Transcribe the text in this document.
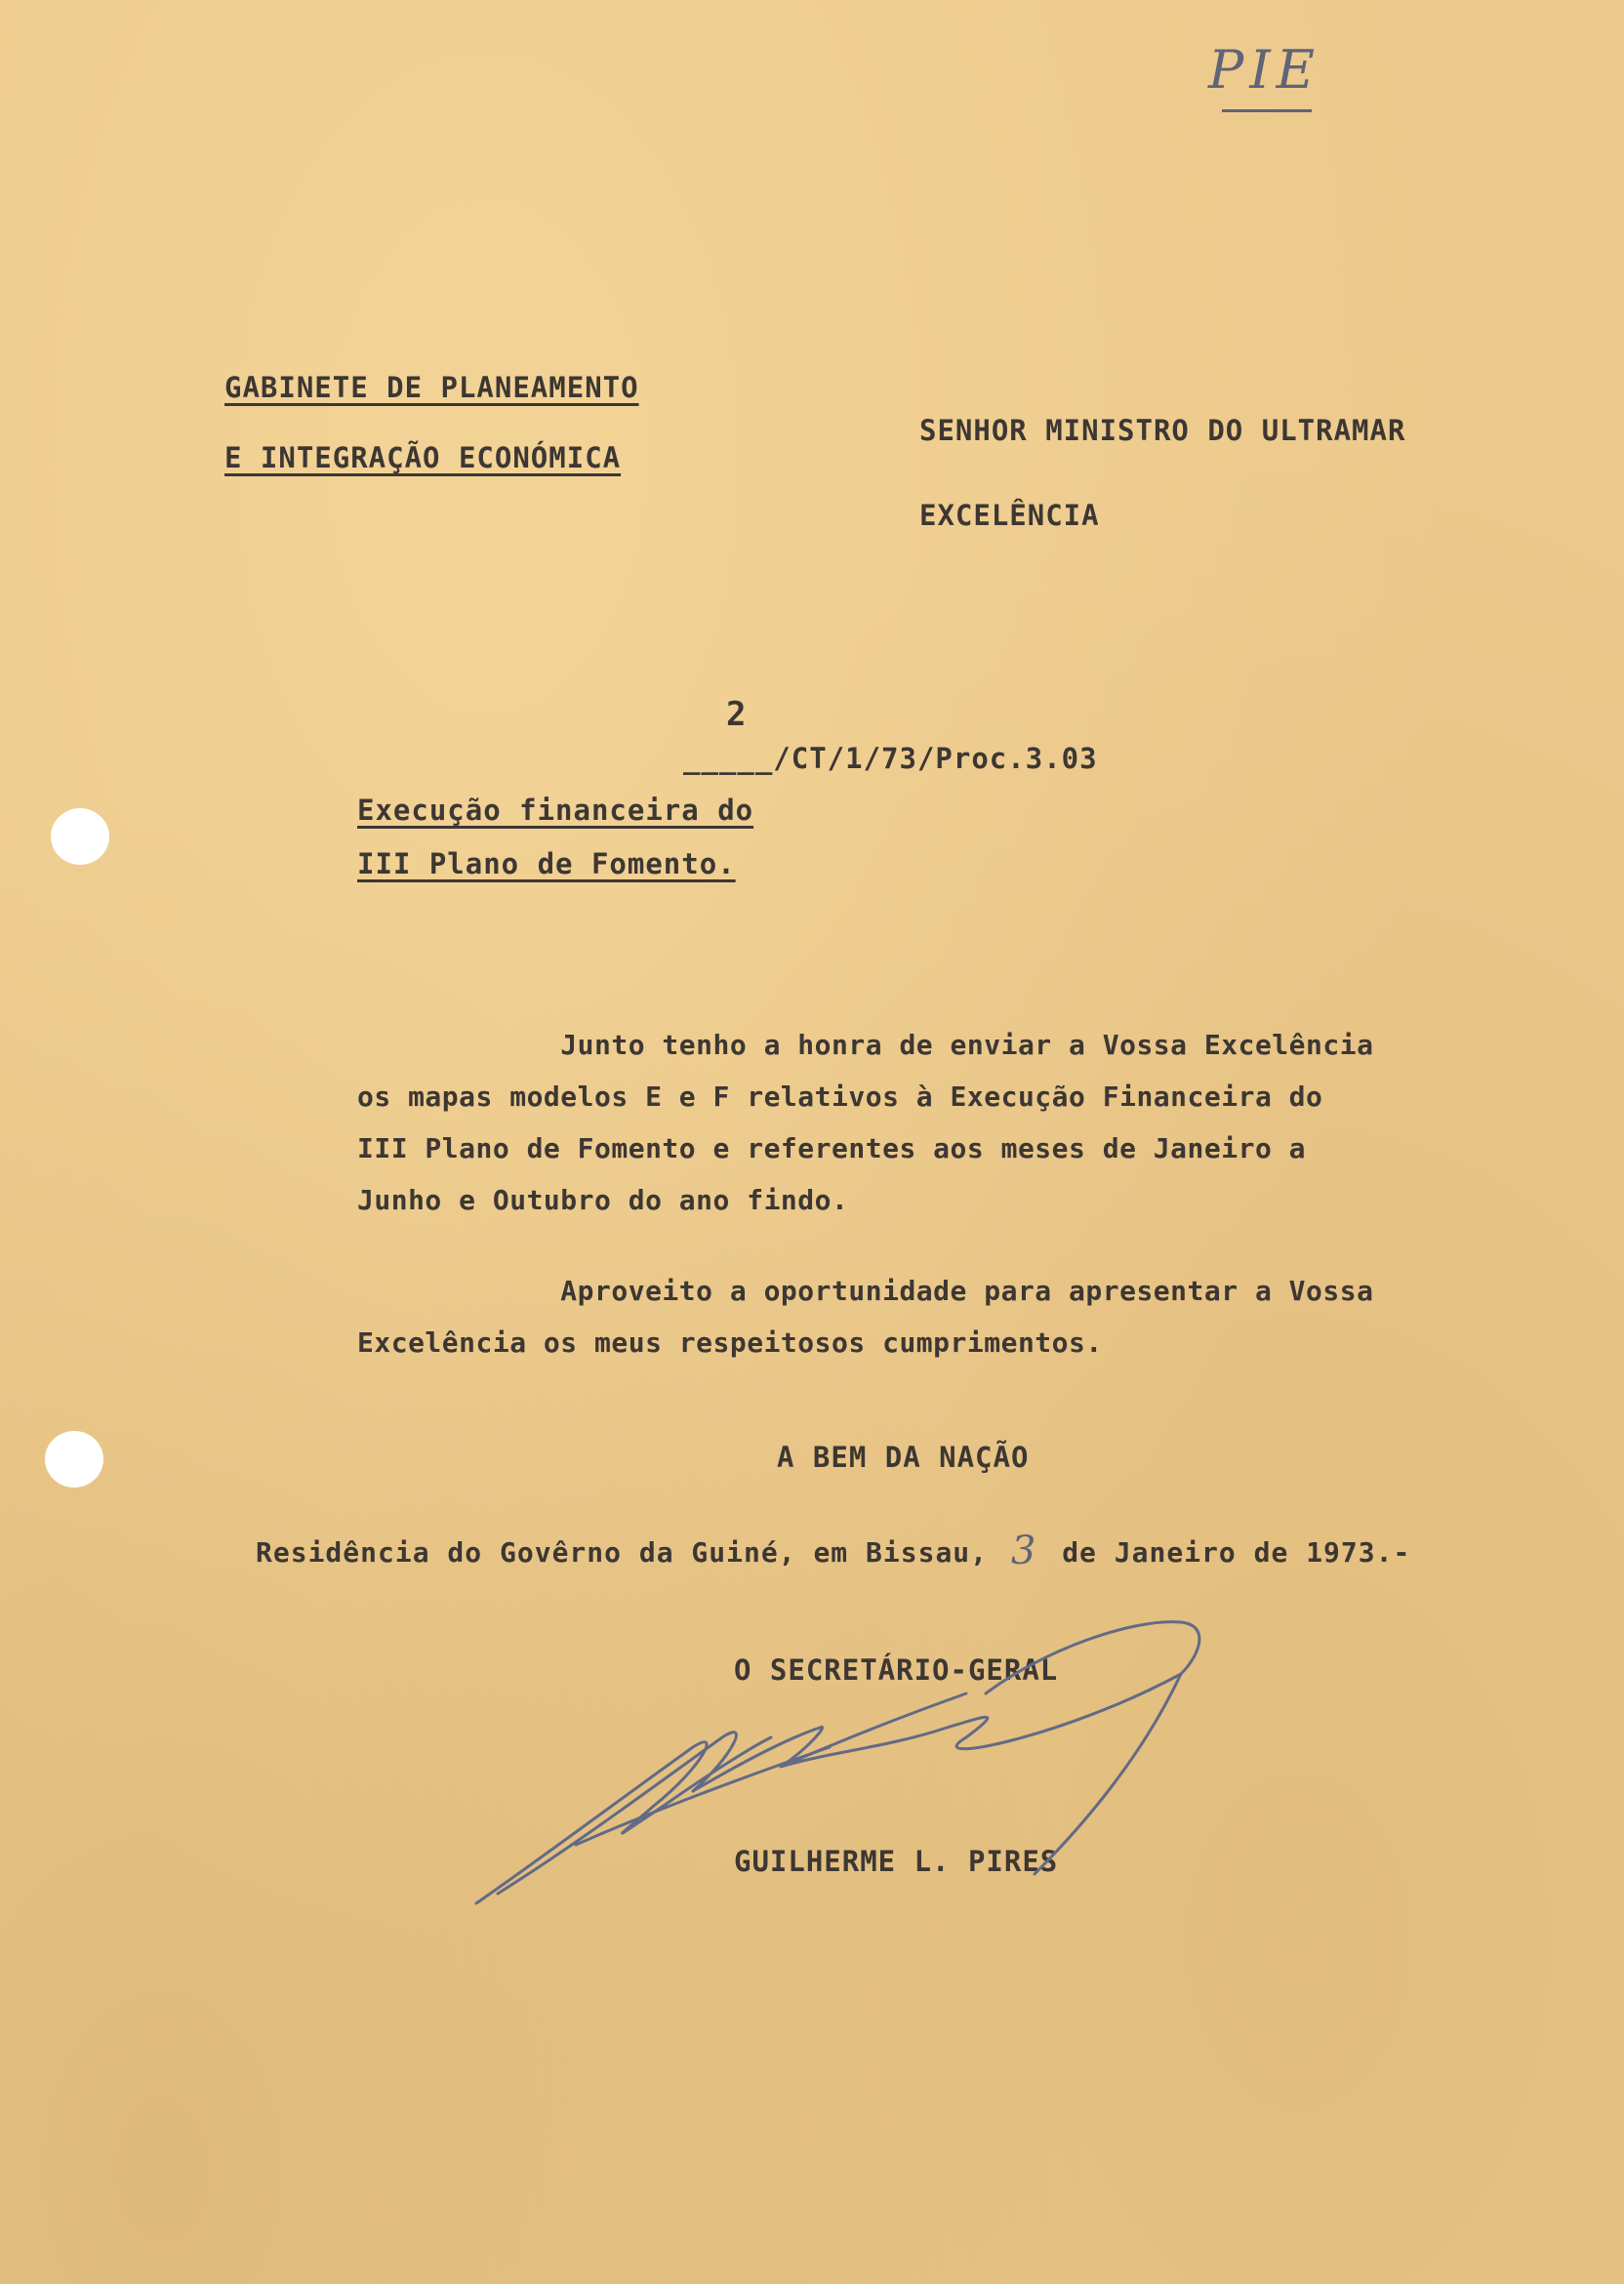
PIE
GABINETE DE PLANEAMENTO
E INTEGRAÇÃO ECONÓMICA
SENHOR MINISTRO DO ULTRAMAR
EXCELÊNCIA
2
_____/CT/1/73/Proc.3.03
Execução financeira do
III Plano de Fomento.
Junto tenho a honra de enviar a Vossa Excelência
os mapas modelos E e F relativos à Execução Financeira do
III Plano de Fomento e referentes aos meses de Janeiro a
Junho e Outubro do ano findo.
Aproveito a oportunidade para apresentar a Vossa
Excelência os meus respeitosos cumprimentos.
A BEM DA NAÇÃO
Residência do Govêrno da Guiné, em Bissau, 3 de Janeiro de 1973.-
O SECRETÁRIO-GERAL
GUILHERME L. PIRES
